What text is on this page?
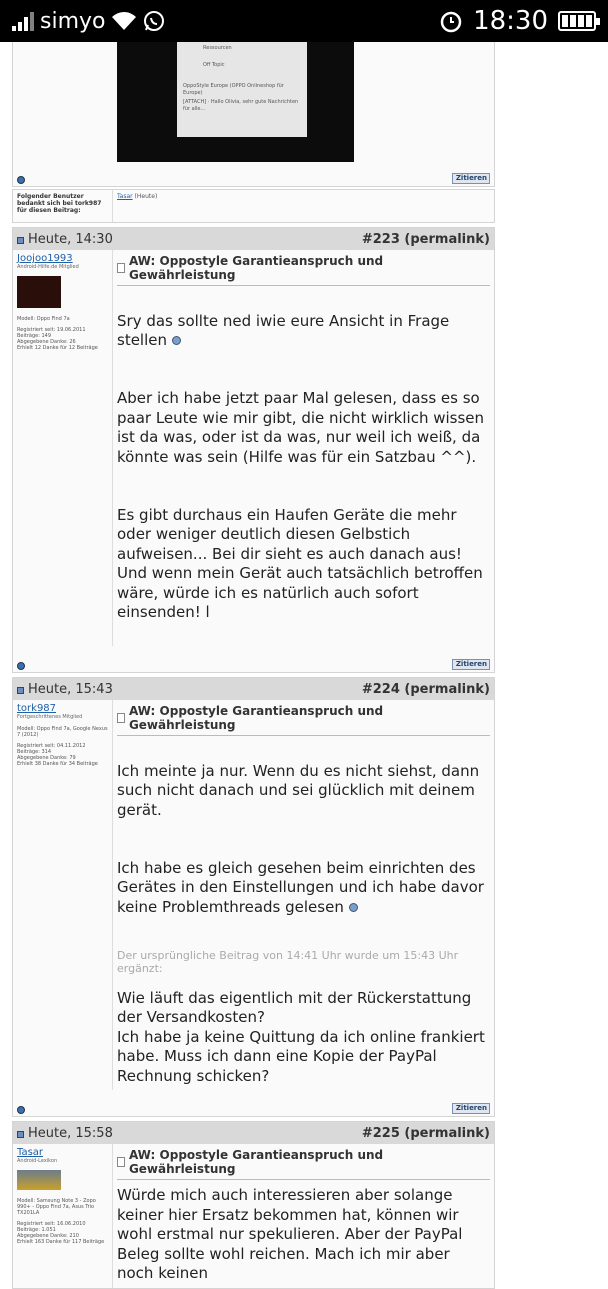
simyo	18:30
Ressourcen
Off Topic
OppoStyle Europe (OPPO Onlineshop für Europe)
[ATTACH] · Hallo Olivia, sehr gute Nachrichten für alle...
Zitieren
Folgender Benutzer bedankt sich bei tork987 für diesen Beitrag:
Tasar (Heute)
Heute, 14:30	#223 (permalink)
Joojoo1993
Android-Hilfe.de Mitglied
Modell: Oppo Find 7a
Registriert seit: 19.06.2011
Beiträge: 149
Abgegebene Danke: 26
Erhielt 12 Danke für 12 Beiträge
AW: Oppostyle Garantieanspruch und Gewährleistung

Sry das sollte ned iwie eure Ansicht in Frage stellen

Aber ich habe jetzt paar Mal gelesen, dass es so paar Leute wie mir gibt, die nicht wirklich wissen ist da was, oder ist da was, nur weil ich weiß, da könnte was sein (Hilfe was für ein Satzbau ^^).

Es gibt durchaus ein Haufen Geräte die mehr oder weniger deutlich diesen Gelbstich aufweisen... Bei dir sieht es auch danach aus!
Und wenn mein Gerät auch tatsächlich betroffen wäre, würde ich es natürlich auch sofort einsenden! l

Zitieren
Heute, 15:43	#224 (permalink)
tork987
Fortgeschrittenes Mitglied
Modell: Oppo Find 7a, Google Nexus 7 (2012)
Registriert seit: 04.11.2012
Beiträge: 314
Abgegebene Danke: 79
Erhielt 38 Danke für 34 Beiträge
AW: Oppostyle Garantieanspruch und Gewährleistung

Ich meinte ja nur. Wenn du es nicht siehst, dann such nicht danach und sei glücklich mit deinem gerät.

Ich habe es gleich gesehen beim einrichten des Gerätes in den Einstellungen und ich habe davor keine Problemthreads gelesen

Der ursprüngliche Beitrag von 14:41 Uhr wurde um 15:43 Uhr ergänzt:
Wie läuft das eigentlich mit der Rückerstattung der Versandkosten?
Ich habe ja keine Quittung da ich online frankiert habe. Muss ich dann eine Kopie der PayPal Rechnung schicken?
Zitieren
Heute, 15:58	#225 (permalink)
Tasar
Android-Lexikon
Modell: Samsung Note 3 - Zopo 990+ - Oppo Find 7a, Asus Trio TX201LA
Registriert seit: 16.06.2010
Beiträge: 1.051
Abgegebene Danke: 210
Erhielt 163 Danke für 117 Beiträge
AW: Oppostyle Garantieanspruch und Gewährleistung
Würde mich auch interessieren aber solange keiner hier Ersatz bekommen hat, können wir wohl erstmal nur spekulieren. Aber der PayPal Beleg sollte wohl reichen. Mach ich mir aber noch keinen
